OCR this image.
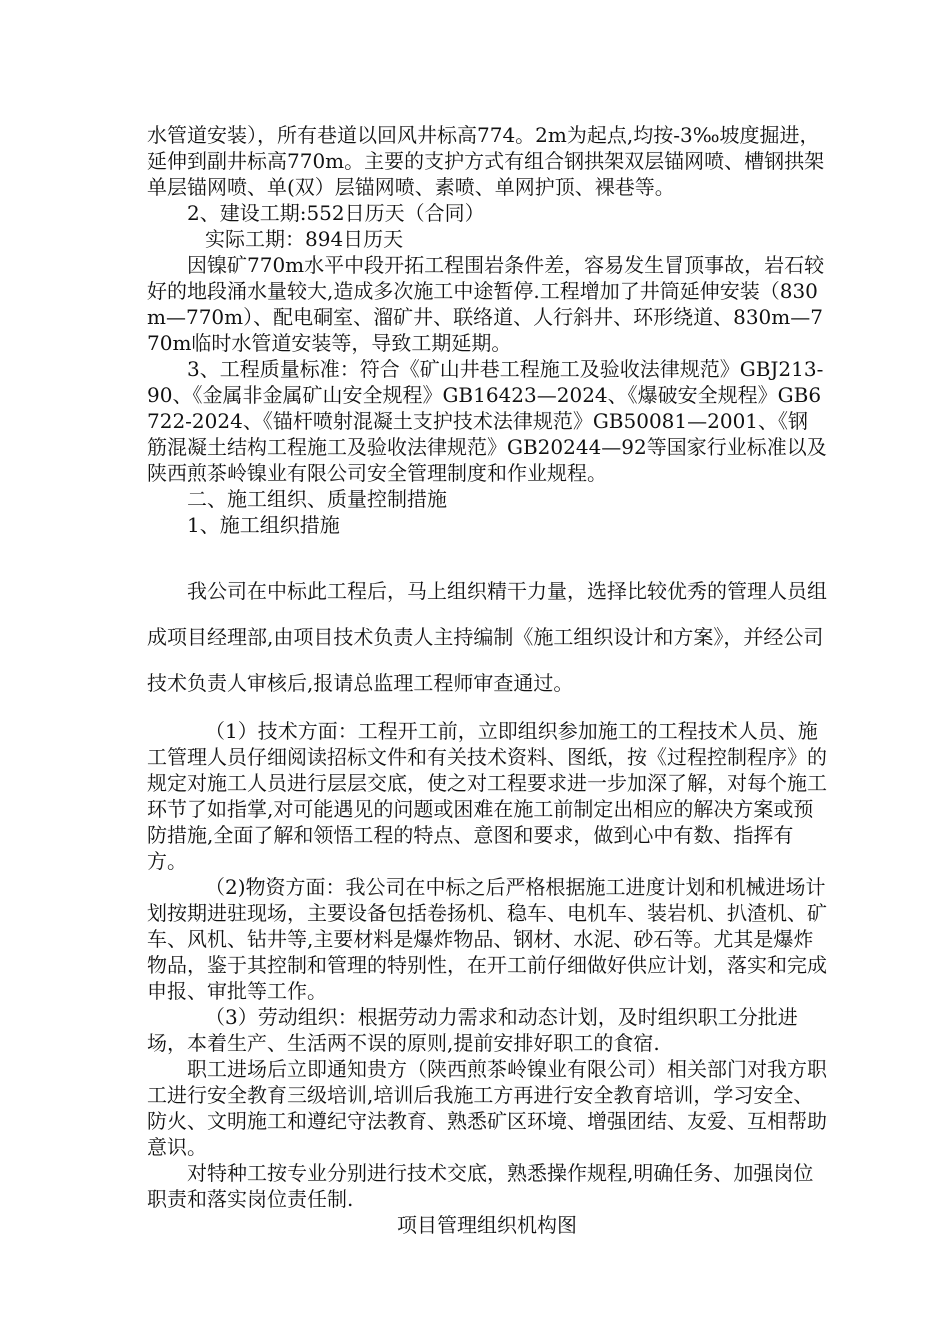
水管道安装），所有巷道以回风井标高774。2m为起点,均按-3‰坡度掘进，延伸到副井标高770m。主要的支护方式有组合钢拱架双层锚网喷、槽钢拱架单层锚网喷、单(双）层锚网喷、素喷、单网护顶、裸巷等。

2、建设工期:552日历天（合同）

实际工期：894日历天

因镍矿770m水平中段开拓工程围岩条件差，容易发生冒顶事故，岩石较好的地段涌水量较大,造成多次施工中途暂停.工程增加了井筒延伸安装（830m—770m）、配电硐室、溜矿井、联络道、人行斜井、环形绕道、830m—770m临时水管道安装等，导致工期延期。

3、工程质量标准：符合《矿山井巷工程施工及验收法律规范》GBJ213-90、《金属非金属矿山安全规程》GB16423—2024、《爆破安全规程》GB6722-2024、《锚杆喷射混凝土支护技术法律规范》GB50081—2001、《钢筋混凝土结构工程施工及验收法律规范》GB20244—92等国家行业标准以及陕西煎茶岭镍业有限公司安全管理制度和作业规程。

二、施工组织、质量控制措施

1、施工组织措施

我公司在中标此工程后，马上组织精干力量，选择比较优秀的管理人员组成项目经理部,由项目技术负责人主持编制《施工组织设计和方案》，并经公司技术负责人审核后,报请总监理工程师审查通过。

（1）技术方面：工程开工前，立即组织参加施工的工程技术人员、施工管理人员仔细阅读招标文件和有关技术资料、图纸，按《过程控制程序》的规定对施工人员进行层层交底，使之对工程要求进一步加深了解，对每个施工环节了如指掌,对可能遇见的问题或困难在施工前制定出相应的解决方案或预防措施,全面了解和领悟工程的特点、意图和要求，做到心中有数、指挥有方。

（2)物资方面：我公司在中标之后严格根据施工进度计划和机械进场计划按期进驻现场，主要设备包括卷扬机、稳车、电机车、装岩机、扒渣机、矿车、风机、钻井等,主要材料是爆炸物品、钢材、水泥、砂石等。尤其是爆炸物品，鉴于其控制和管理的特别性，在开工前仔细做好供应计划，落实和完成申报、审批等工作。

（3）劳动组织：根据劳动力需求和动态计划，及时组织职工分批进场，本着生产、生活两不误的原则,提前安排好职工的食宿.

职工进场后立即通知贵方（陕西煎茶岭镍业有限公司）相关部门对我方职工进行安全教育三级培训,培训后我施工方再进行安全教育培训，学习安全、防火、文明施工和遵纪守法教育、熟悉矿区环境、增强团结、友爱、互相帮助意识。

对特种工按专业分别进行技术交底，熟悉操作规程,明确任务、加强岗位职责和落实岗位责任制.

项目管理组织机构图
